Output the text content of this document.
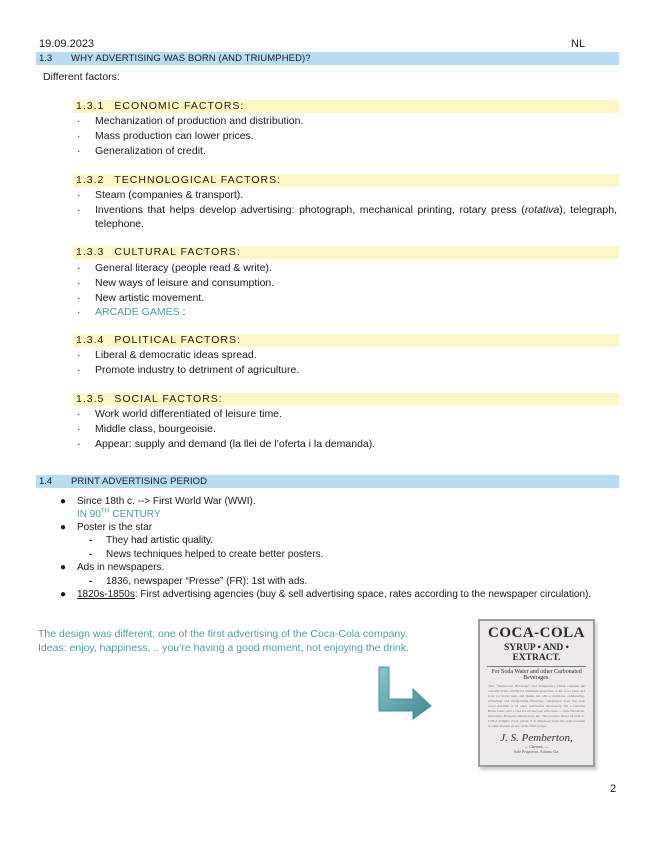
19.09.2023	NL
1.3	WHY ADVERTISING WAS BORN (AND TRIUMPHED)?
Different factors:
1.3.1 ECONOMIC FACTORS:
· Mechanization of production and distribution.
· Mass production can lower prices.
· Generalization of credit.
1.3.2 TECHNOLOGICAL FACTORS:
· Steam (companies & transport).
· Inventions that helps develop advertising: photograph, mechanical printing, rotary press (rotativa), telegraph, telephone.
1.3.3 CULTURAL FACTORS:
· General literacy (people read & write).
· New ways of leisure and consumption.
· New artistic movement.
· ARCADE GAMES :
1.3.4 POLITICAL FACTORS:
· Liberal & democratic ideas spread.
· Promote industry to detriment of agriculture.
1.3.5 SOCIAL FACTORS:
· Work world differentiated of leisure time.
· Middle class, bourgeoisie.
· Appear: supply and demand (la llei de l’oferta i la demanda).
1.4	PRINT ADVERTISING PERIOD
● Since 18th c. --> First World War (WWI).
IN 90TH CENTURY
● Poster is the star
- They had artistic quality.
- News techniques helped to create better posters.
● Ads in newspapers.
- 1836, newspaper “Presse” (FR): 1st with ads.
● 1820s-1850s: First advertising agencies (buy & sell advertising space, rates according to the newspaper circulation).
The design was different; one of the first advertising of the Coca-Cola company.
Ideas: enjoy, happiness, .. you’re having a good moment, not enjoying the drink.
COCA-COLA
SYRUP • AND • EXTRACT.
For Soda Water and other Carbonated Beverages.
This “Intellectual Beverage” and Temperance Drink contains the valuable Tonic and Nerve Stimulant properties of the Coca plant and Cola (or Kola) nuts, and makes not only a delicious, exhilarating, refreshing and invigorating Beverage, (dispensed from the soda water fountain or in other carbonated beverages), but a valuable Brain Tonic, and a cure for all nervous affections — Sick Headache, Neuralgia, Hysteria, Melancholy, &c. The peculiar flavor of COCA-COLA delights every palate; it is dispensed from the soda fountain in same manner as any of the fruit syrups.
J. S. Pemberton,
— Chemist, —
Sole Proprietor, Atlanta, Ga.
2
